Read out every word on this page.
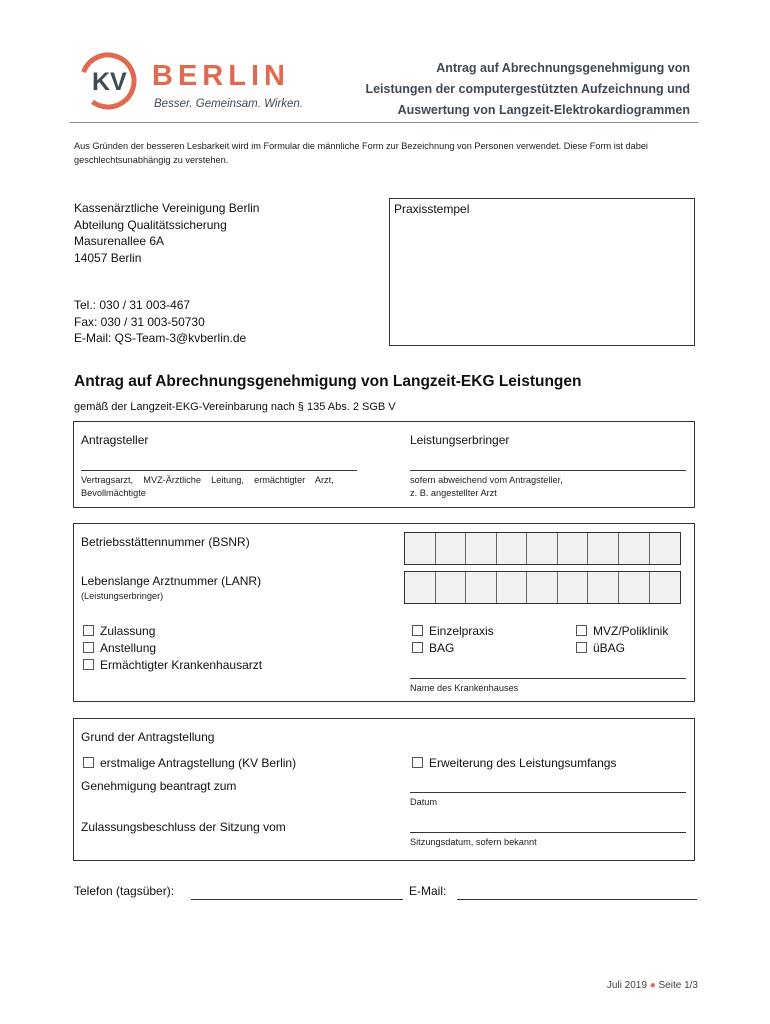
K V BERLIN
Besser. Gemeinsam. Wirken.
Antrag auf Abrechnungsgenehmigung von
Leistungen der computergestützten Aufzeichnung und
Auswertung von Langzeit-Elektrokardiogrammen
Aus Gründen der besseren Lesbarkeit wird im Formular die männliche Form zur Bezeichnung von Personen verwendet. Diese Form ist dabei geschlechtsunabhängig zu verstehen.
Kassenärztliche Vereinigung Berlin
Abteilung Qualitätssicherung
Masurenallee 6A
14057 Berlin
Tel.: 030 / 31 003-467
Fax: 030 / 31 003-50730
E-Mail: QS-Team-3@kvberlin.de
Praxisstempel
Antrag auf Abrechnungsgenehmigung von Langzeit-EKG Leistungen
gemäß der Langzeit-EKG-Vereinbarung nach § 135 Abs. 2 SGB V
Antragsteller
Vertragsarzt,    MVZ-Ärztliche    Leitung,    ermächtigter    Arzt,
Bevollmächtigte
Leistungserbringer
sofern abweichend vom Antragsteller,
z. B. angestellter Arzt
Betriebsstättennummer (BSNR)
Lebenslange Arztnummer (LANR)
(Leistungserbringer)
Zulassung
Anstellung
Ermächtigter Krankenhausarzt
Einzelpraxis
BAG
MVZ/Poliklinik
üBAG
Name des Krankenhauses
Grund der Antragstellung
erstmalige Antragstellung (KV Berlin)	Erweiterung des Leistungsumfangs
Genehmigung beantragt zum
Datum
Zulassungsbeschluss der Sitzung vom
Sitzungsdatum, sofern bekannt
Telefon (tagsüber):	E-Mail:
Juli 2019 ● Seite 1/3
